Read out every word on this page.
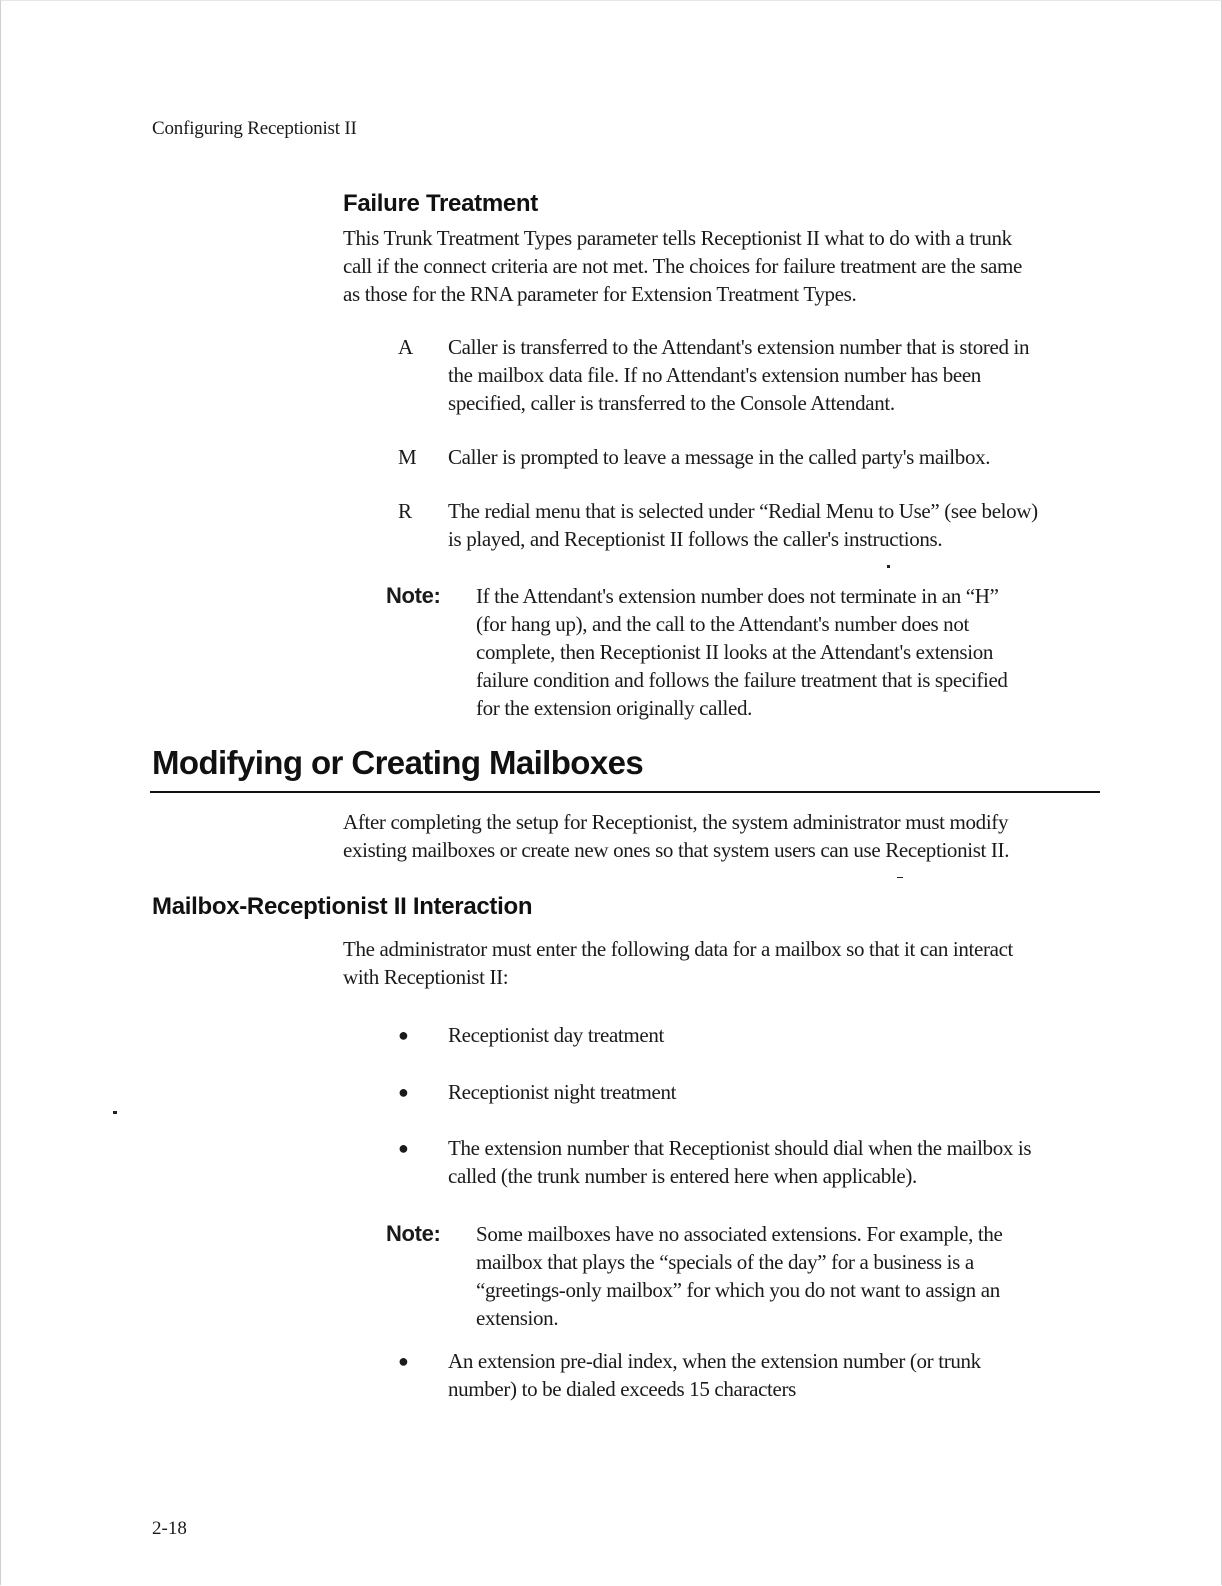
Configuring Receptionist II
Failure Treatment
This Trunk Treatment Types parameter tells Receptionist II what to do with a trunk
call if the connect criteria are not met. The choices for failure treatment are the same
as those for the RNA parameter for Extension Treatment Types.
A Caller is transferred to the Attendant's extension number that is stored in
the mailbox data file. If no Attendant's extension number has been
specified, caller is transferred to the Console Attendant.
M Caller is prompted to leave a message in the called party's mailbox.
R The redial menu that is selected under “Redial Menu to Use” (see below)
is played, and Receptionist II follows the caller's instructions.
Note: If the Attendant's extension number does not terminate in an “H”
(for hang up), and the call to the Attendant's number does not
complete, then Receptionist II looks at the Attendant's extension
failure condition and follows the failure treatment that is specified
for the extension originally called.
Modifying or Creating Mailboxes
After completing the setup for Receptionist, the system administrator must modify
existing mailboxes or create new ones so that system users can use Receptionist II.
Mailbox-Receptionist II Interaction
The administrator must enter the following data for a mailbox so that it can interact
with Receptionist II:
● Receptionist day treatment
● Receptionist night treatment
● The extension number that Receptionist should dial when the mailbox is
called (the trunk number is entered here when applicable).
Note: Some mailboxes have no associated extensions. For example, the
mailbox that plays the “specials of the day” for a business is a
“greetings-only mailbox” for which you do not want to assign an
extension.
● An extension pre-dial index, when the extension number (or trunk
number) to be dialed exceeds 15 characters
2-18
